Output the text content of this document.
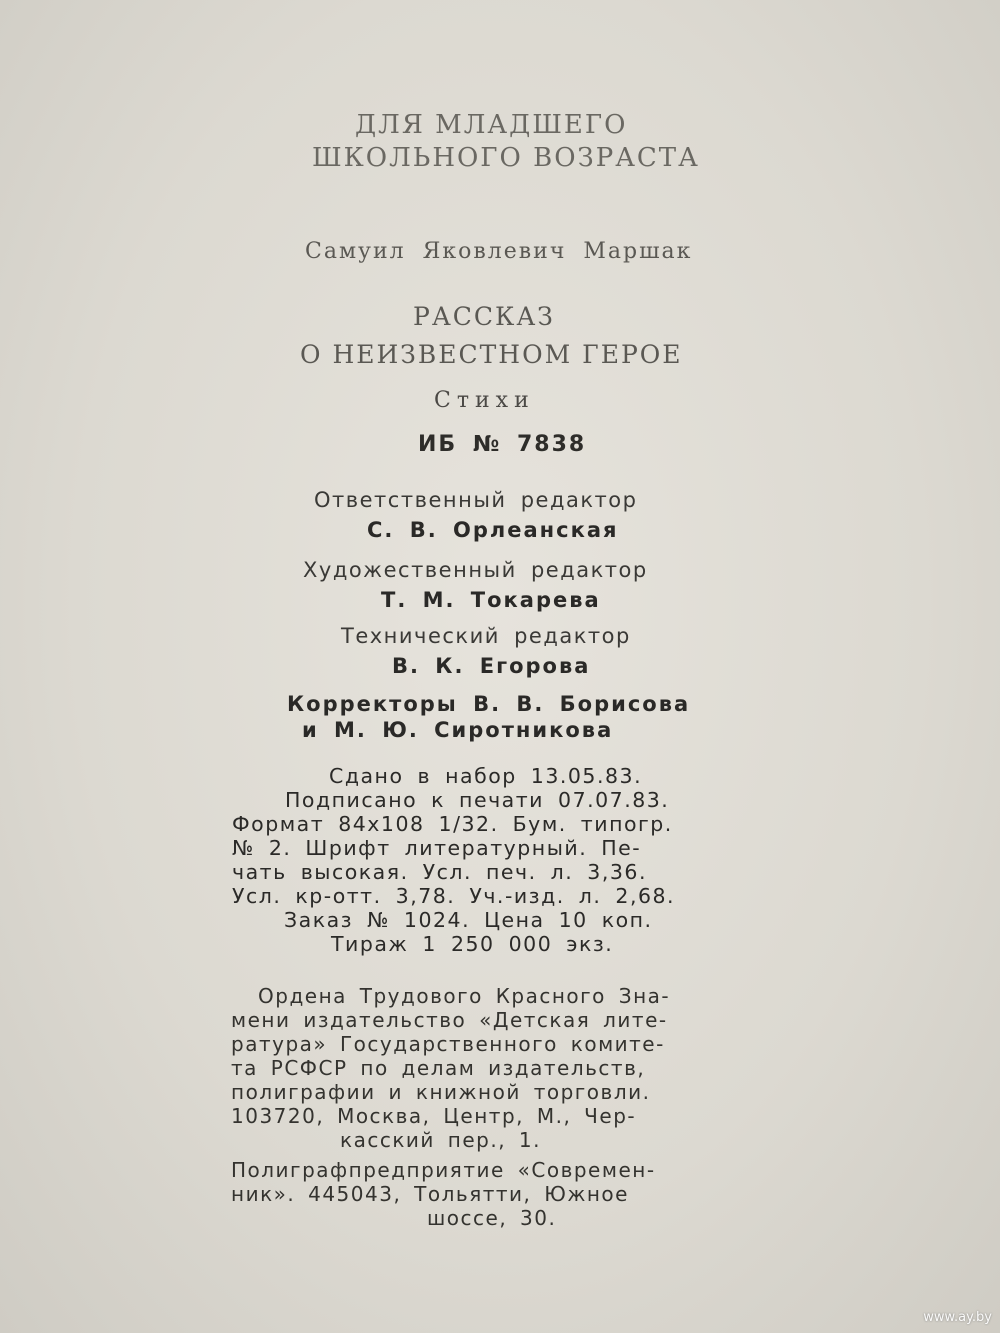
ДЛЯ МЛАДШЕГО
ШКОЛЬНОГО ВОЗРАСТА
Самуил Яковлевич Маршак
РАССКАЗ
О НЕИЗВЕСТНОМ ГЕРОЕ
Стихи
ИБ № 7838
Ответственный редактор
С. В. Орлеанская
Художественный редактор
Т. М. Токарева
Технический редактор
В. К. Егорова
Корректоры В. В. Борисова
и М. Ю. Сиротникова
Сдано в набор 13.05.83.
Подписано к печати 07.07.83.
Формат 84x108 1/32. Бум. типогр.
№ 2. Шрифт литературный. Пе-
чать высокая. Усл. печ. л. 3,36.
Усл. кр-отт. 3,78. Уч.-изд. л. 2,68.
Заказ № 1024. Цена 10 коп.
Тираж 1 250 000 экз.
Ордена Трудового Красного Зна-
мени издательство «Детская лите-
ратура» Государственного комите-
та РСФСР по делам издательств,
полиграфии и книжной торговли.
103720, Москва, Центр, М., Чер-
касский пер., 1.
Полиграфпредприятие «Современ-
ник». 445043, Тольятти, Южное
шоссе, 30.
www.ay.by
